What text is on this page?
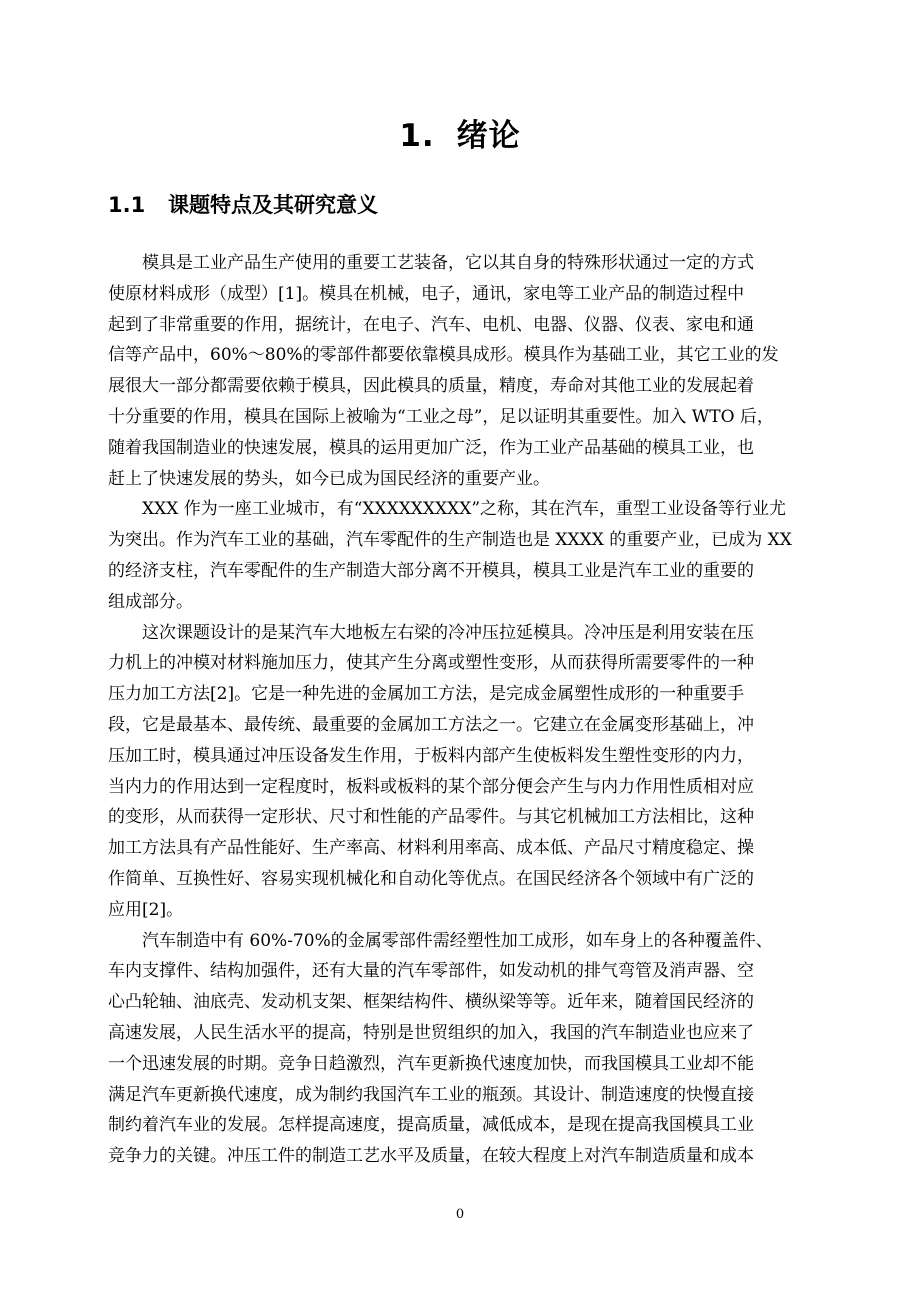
1. 绪论
1.1 课题特点及其研究意义

模具是工业产品生产使用的重要工艺装备，它以其自身的特殊形状通过一定的方式
使原材料成形（成型）[1]。模具在机械，电子，通讯，家电等工业产品的制造过程中
起到了非常重要的作用，据统计，在电子、汽车、电机、电器、仪器、仪表、家电和通
信等产品中，60%～80%的零部件都要依靠模具成形。模具作为基础工业，其它工业的发
展很大一部分都需要依赖于模具，因此模具的质量，精度，寿命对其他工业的发展起着
十分重要的作用，模具在国际上被喻为“工业之母”，足以证明其重要性。加入 WTO 后，
随着我国制造业的快速发展，模具的运用更加广泛，作为工业产品基础的模具工业，也
赶上了快速发展的势头，如今已成为国民经济的重要产业。

XXX 作为一座工业城市，有“XXXXXXXXX”之称，其在汽车，重型工业设备等行业尤
为突出。作为汽车工业的基础，汽车零配件的生产制造也是 XXXX 的重要产业，已成为 XX
的经济支柱，汽车零配件的生产制造大部分离不开模具，模具工业是汽车工业的重要的
组成部分。

这次课题设计的是某汽车大地板左右梁的冷冲压拉延模具。冷冲压是利用安装在压
力机上的冲模对材料施加压力，使其产生分离或塑性变形，从而获得所需要零件的一种
压力加工方法[2]。它是一种先进的金属加工方法，是完成金属塑性成形的一种重要手
段，它是最基本、最传统、最重要的金属加工方法之一。它建立在金属变形基础上，冲
压加工时，模具通过冲压设备发生作用，于板料内部产生使板料发生塑性变形的内力，
当内力的作用达到一定程度时，板料或板料的某个部分便会产生与内力作用性质相对应
的变形，从而获得一定形状、尺寸和性能的产品零件。与其它机械加工方法相比，这种
加工方法具有产品性能好、生产率高、材料利用率高、成本低、产品尺寸精度稳定、操
作简单、互换性好、容易实现机械化和自动化等优点。在国民经济各个领域中有广泛的
应用[2]。

汽车制造中有 60%-70%的金属零部件需经塑性加工成形，如车身上的各种覆盖件、
车内支撑件、结构加强件，还有大量的汽车零部件，如发动机的排气弯管及消声器、空
心凸轮轴、油底壳、发动机支架、框架结构件、横纵梁等等。近年来，随着国民经济的
高速发展，人民生活水平的提高，特别是世贸组织的加入，我国的汽车制造业也应来了
一个迅速发展的时期。竞争日趋激烈，汽车更新换代速度加快，而我国模具工业却不能
满足汽车更新换代速度，成为制约我国汽车工业的瓶颈。其设计、制造速度的快慢直接
制约着汽车业的发展。怎样提高速度，提高质量，减低成本，是现在提高我国模具工业
竞争力的关键。冲压工件的制造工艺水平及质量，在较大程度上对汽车制造质量和成本

0
